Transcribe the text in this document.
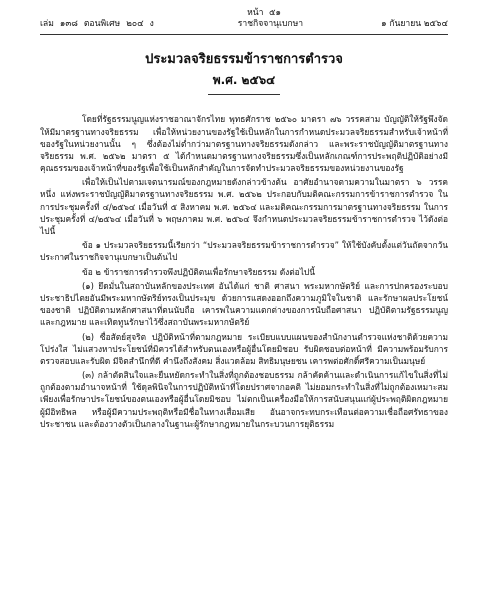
หน้า ๕๑
เล่ม ๑๓๘ ตอนพิเศษ ๒๐๔ ง	ราชกิจจานุเบกษา	๑ กันยายน ๒๕๖๔
ประมวลจริยธรรมข้าราชการตำรวจ
พ.ศ. ๒๕๖๔

โดยที่รัฐธรรมนูญแห่งราชอาณาจักรไทย พุทธศักราช ๒๕๖๐ มาตรา ๗๖ วรรคสาม บัญญัติให้รัฐพึงจัดให้มีมาตรฐานทางจริยธรรม เพื่อให้หน่วยงานของรัฐใช้เป็นหลักในการกำหนดประมวลจริยธรรมสำหรับเจ้าหน้าที่ของรัฐในหน่วยงานนั้น ๆ ซึ่งต้องไม่ต่ำกว่ามาตรฐานทางจริยธรรมดังกล่าว และพระราชบัญญัติมาตรฐานทางจริยธรรม พ.ศ. ๒๕๖๒ มาตรา ๕ ได้กำหนดมาตรฐานทางจริยธรรมซึ่งเป็นหลักเกณฑ์การประพฤติปฏิบัติอย่างมีคุณธรรมของเจ้าหน้าที่ของรัฐเพื่อใช้เป็นหลักสำคัญในการจัดทำประมวลจริยธรรมของหน่วยงานของรัฐ

เพื่อให้เป็นไปตามเจตนารมณ์ของกฎหมายดังกล่าวข้างต้น อาศัยอำนาจตามความในมาตรา ๖ วรรคหนึ่ง แห่งพระราชบัญญัติมาตรฐานทางจริยธรรม พ.ศ. ๒๕๖๒ ประกอบกับมติคณะกรรมการข้าราชการตำรวจ ในการประชุมครั้งที่ ๔/๒๕๖๔ เมื่อวันที่ ๕ สิงหาคม พ.ศ. ๒๕๖๔ และมติคณะกรรมการมาตรฐานทางจริยธรรม ในการประชุมครั้งที่ ๔/๒๕๖๔ เมื่อวันที่ ๖ พฤษภาคม พ.ศ. ๒๕๖๔ จึงกำหนดประมวลจริยธรรมข้าราชการตำรวจ ไว้ดังต่อไปนี้

ข้อ ๑ ประมวลจริยธรรมนี้เรียกว่า “ประมวลจริยธรรมข้าราชการตำรวจ” ให้ใช้บังคับตั้งแต่วันถัดจากวันประกาศในราชกิจจานุเบกษาเป็นต้นไป

ข้อ ๒ ข้าราชการตำรวจพึงปฏิบัติตนเพื่อรักษาจริยธรรม ดังต่อไปนี้

(๑) ยึดมั่นในสถาบันหลักของประเทศ อันได้แก่ ชาติ ศาสนา พระมหากษัตริย์ และการปกครองระบอบประชาธิปไตยอันมีพระมหากษัตริย์ทรงเป็นประมุข ด้วยการแสดงออกถึงความภูมิใจในชาติ และรักษาผลประโยชน์ของชาติ ปฏิบัติตามหลักศาสนาที่ตนนับถือ เคารพในความแตกต่างของการนับถือศาสนา ปฏิบัติตามรัฐธรรมนูญและกฎหมาย และเทิดทูนรักษาไว้ซึ่งสถาบันพระมหากษัตริย์

(๒) ซื่อสัตย์สุจริต ปฏิบัติหน้าที่ตามกฎหมาย ระเบียบแบบแผนของสำนักงานตำรวจแห่งชาติด้วยความโปร่งใส ไม่แสวงหาประโยชน์ที่มิควรได้สำหรับตนเองหรือผู้อื่นโดยมิชอบ รับผิดชอบต่อหน้าที่ มีความพร้อมรับการตรวจสอบและรับผิด มีจิตสำนึกที่ดี คำนึงถึงสังคม สิ่งแวดล้อม สิทธิมนุษยชน เคารพต่อศักดิ์ศรีความเป็นมนุษย์

(๓) กล้าตัดสินใจและยืนหยัดกระทำในสิ่งที่ถูกต้องชอบธรรม กล้าคัดค้านและดำเนินการแก้ไขในสิ่งที่ไม่ถูกต้องตามอำนาจหน้าที่ ใช้ดุลพินิจในการปฏิบัติหน้าที่โดยปราศจากอคติ ไม่ยอมกระทำในสิ่งที่ไม่ถูกต้องเหมาะสมเพียงเพื่อรักษาประโยชน์ของตนเองหรือผู้อื่นโดยมิชอบ ไม่ตกเป็นเครื่องมือให้การสนับสนุนแก่ผู้ประพฤติผิดกฎหมาย ผู้มีอิทธิพล หรือผู้มีความประพฤติหรือมีชื่อในทางเสื่อมเสีย อันอาจกระทบกระเทือนต่อความเชื่อถือศรัทธาของประชาชน และต้องวางตัวเป็นกลางในฐานะผู้รักษากฎหมายในกระบวนการยุติธรรม
